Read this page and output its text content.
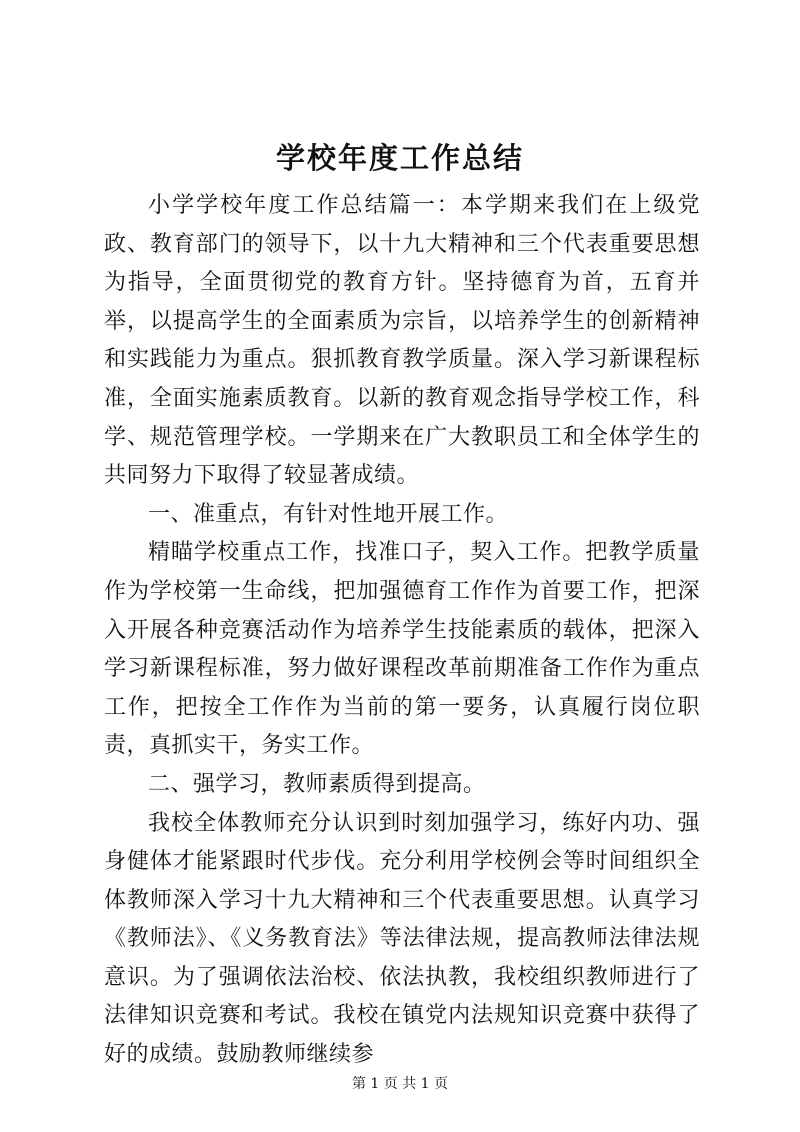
学校年度工作总结

小学学校年度工作总结篇一：本学期来我们在上级党政、教育部门的领导下，以十九大精神和三个代表重要思想为指导，全面贯彻党的教育方针。坚持德育为首，五育并举，以提高学生的全面素质为宗旨，以培养学生的创新精神和实践能力为重点。狠抓教育教学质量。深入学习新课程标准，全面实施素质教育。以新的教育观念指导学校工作，科学、规范管理学校。一学期来在广大教职员工和全体学生的共同努力下取得了较显著成绩。

一、准重点，有针对性地开展工作。

精瞄学校重点工作，找准口子，契入工作。把教学质量作为学校第一生命线，把加强德育工作作为首要工作，把深入开展各种竞赛活动作为培养学生技能素质的载体，把深入学习新课程标准，努力做好课程改革前期准备工作作为重点工作，把按全工作作为当前的第一要务，认真履行岗位职责，真抓实干，务实工作。

二、强学习，教师素质得到提高。

我校全体教师充分认识到时刻加强学习，练好内功、强身健体才能紧跟时代步伐。充分利用学校例会等时间组织全体教师深入学习十九大精神和三个代表重要思想。认真学习《教师法》、《义务教育法》等法律法规，提高教师法律法规意识。为了强调依法治校、依法执教，我校组织教师进行了法律知识竞赛和考试。我校在镇党内法规知识竞赛中获得了好的成绩。鼓励教师继续参

第 1 页 共 1 页
